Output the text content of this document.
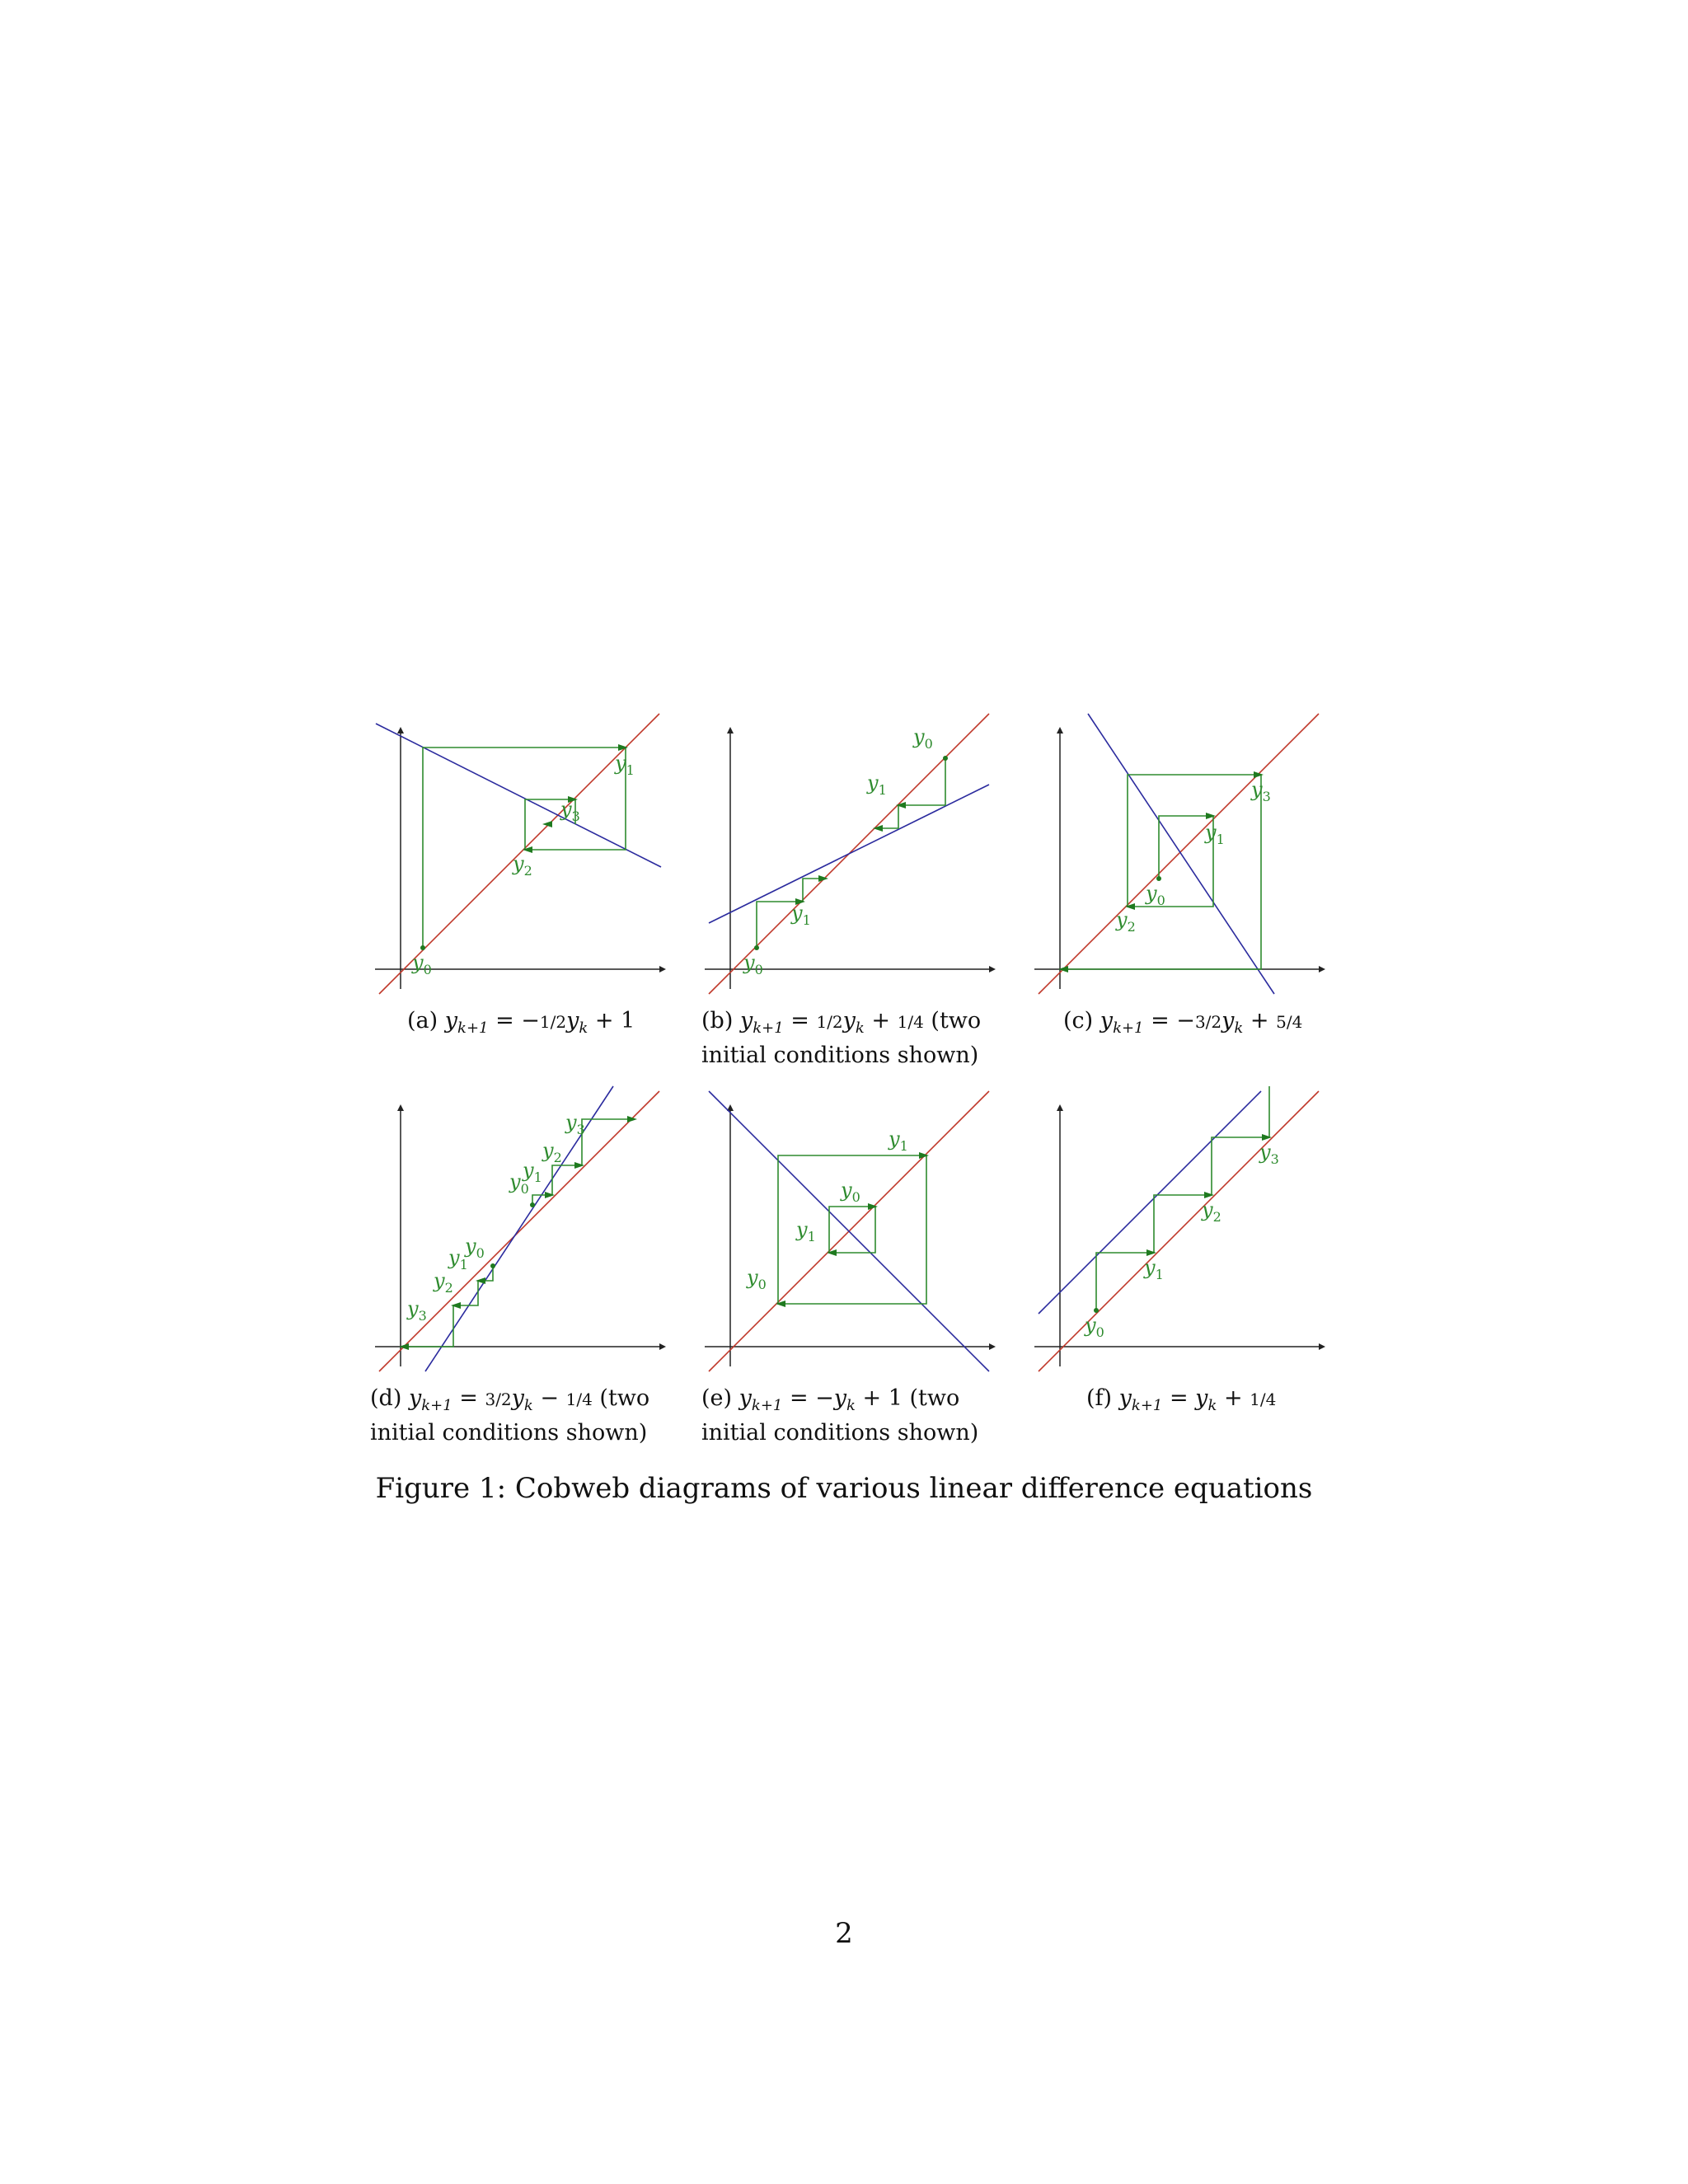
$y_0$
$y_1$
$y_2$
$y_3$
$y_0$
$y_1$
$y_0$
$y_1$
$y_0$
$y_1$
$y_2$
$y_3$
$y_0$
$y_1$
$y_2$
$y_3$
$y_0$
$y_1$
$y_2$
$y_3$
$y_0$
$y_1$
$y_0$
$y_1$
$y_0$
$y_1$
$y_2$
$y_3$
(a) $y_{k+1} = -1/2y_k + 1$	(b) $y_{k+1} = 1/2y_k + 1/4$ (two initial conditions shown)
(c) $y_{k+1} = -3/2y_k + 5/4$
(d) $y_{k+1} = 3/2y_k - 1/4$ (two initial conditions shown)
(e) $y_{k+1} = -y_k + 1$ (two initial conditions shown)
(f) $y_{k+1} = y_k + 1/4$
Figure 1: Cobweb diagrams of various linear difference equations
2
